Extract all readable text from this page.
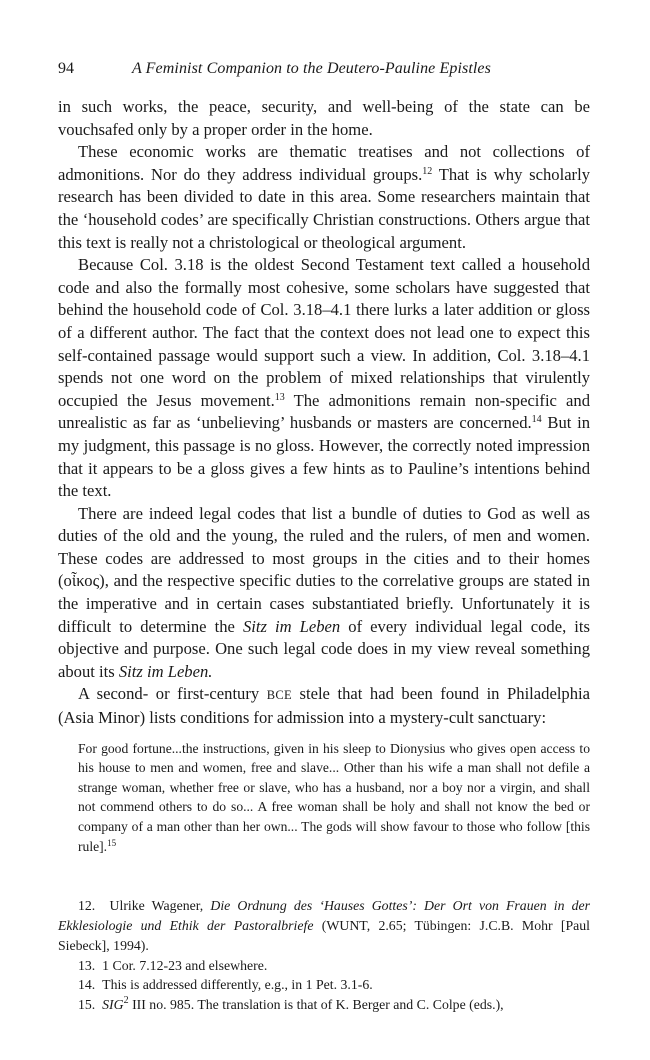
94	A Feminist Companion to the Deutero-Pauline Epistles

in such works, the peace, security, and well-being of the state can be vouchsafed only by a proper order in the home.

These economic works are thematic treatises and not collections of admonitions. Nor do they address individual groups.$^{12}$ That is why scholarly research has been divided to date in this area. Some researchers maintain that the ‘household codes’ are specifically Christian constructions. Others argue that this text is really not a christological or theological argument.

Because Col. 3.18 is the oldest Second Testament text called a household code and also the formally most cohesive, some scholars have suggested that behind the household code of Col. 3.18–4.1 there lurks a later addition or gloss of a different author. The fact that the context does not lead one to expect this self-contained passage would support such a view. In addition, Col. 3.18–4.1 spends not one word on the problem of mixed relationships that virulently occupied the Jesus movement.$^{13}$ The admonitions remain non-specific and unrealistic as far as ‘unbelieving’ husbands or masters are concerned.$^{14}$ But in my judgment, this passage is no gloss. However, the correctly noted impression that it appears to be a gloss gives a few hints as to Pauline’s intentions behind the text.

There are indeed legal codes that list a bundle of duties to God as well as duties of the old and the young, the ruled and the rulers, of men and women. These codes are addressed to most groups in the cities and to their homes (οἶκος), and the respective specific duties to the correlative groups are stated in the imperative and in certain cases substantiated briefly. Unfortunately it is difficult to determine the Sitz im Leben of every individual legal code, its objective and purpose. One such legal code does in my view reveal something about its Sitz im Leben.

A second- or first-century BCE stele that had been found in Philadelphia (Asia Minor) lists conditions for admission into a mystery-cult sanctuary:

For good fortune...the instructions, given in his sleep to Dionysius who gives open access to his house to men and women, free and slave... Other than his wife a man shall not defile a strange woman, whether free or slave, who has a husband, nor a boy nor a virgin, and shall not commend others to do so... A free woman shall be holy and shall not know the bed or company of a man other than her own... The gods will show favour to those who follow [this rule].$^{15}$

12. Ulrike Wagener, Die Ordnung des ‘Hauses Gottes’: Der Ort von Frauen in der Ekklesiologie und Ethik der Pastoralbriefe (WUNT, 2.65; Tübingen: J.C.B. Mohr [Paul Siebeck], 1994).

13.  1 Cor. 7.12-23 and elsewhere.

14.  This is addressed differently, e.g., in 1 Pet. 3.1-6.

15. SIG$^2$ III no. 985. The translation is that of K. Berger and C. Colpe (eds.),
